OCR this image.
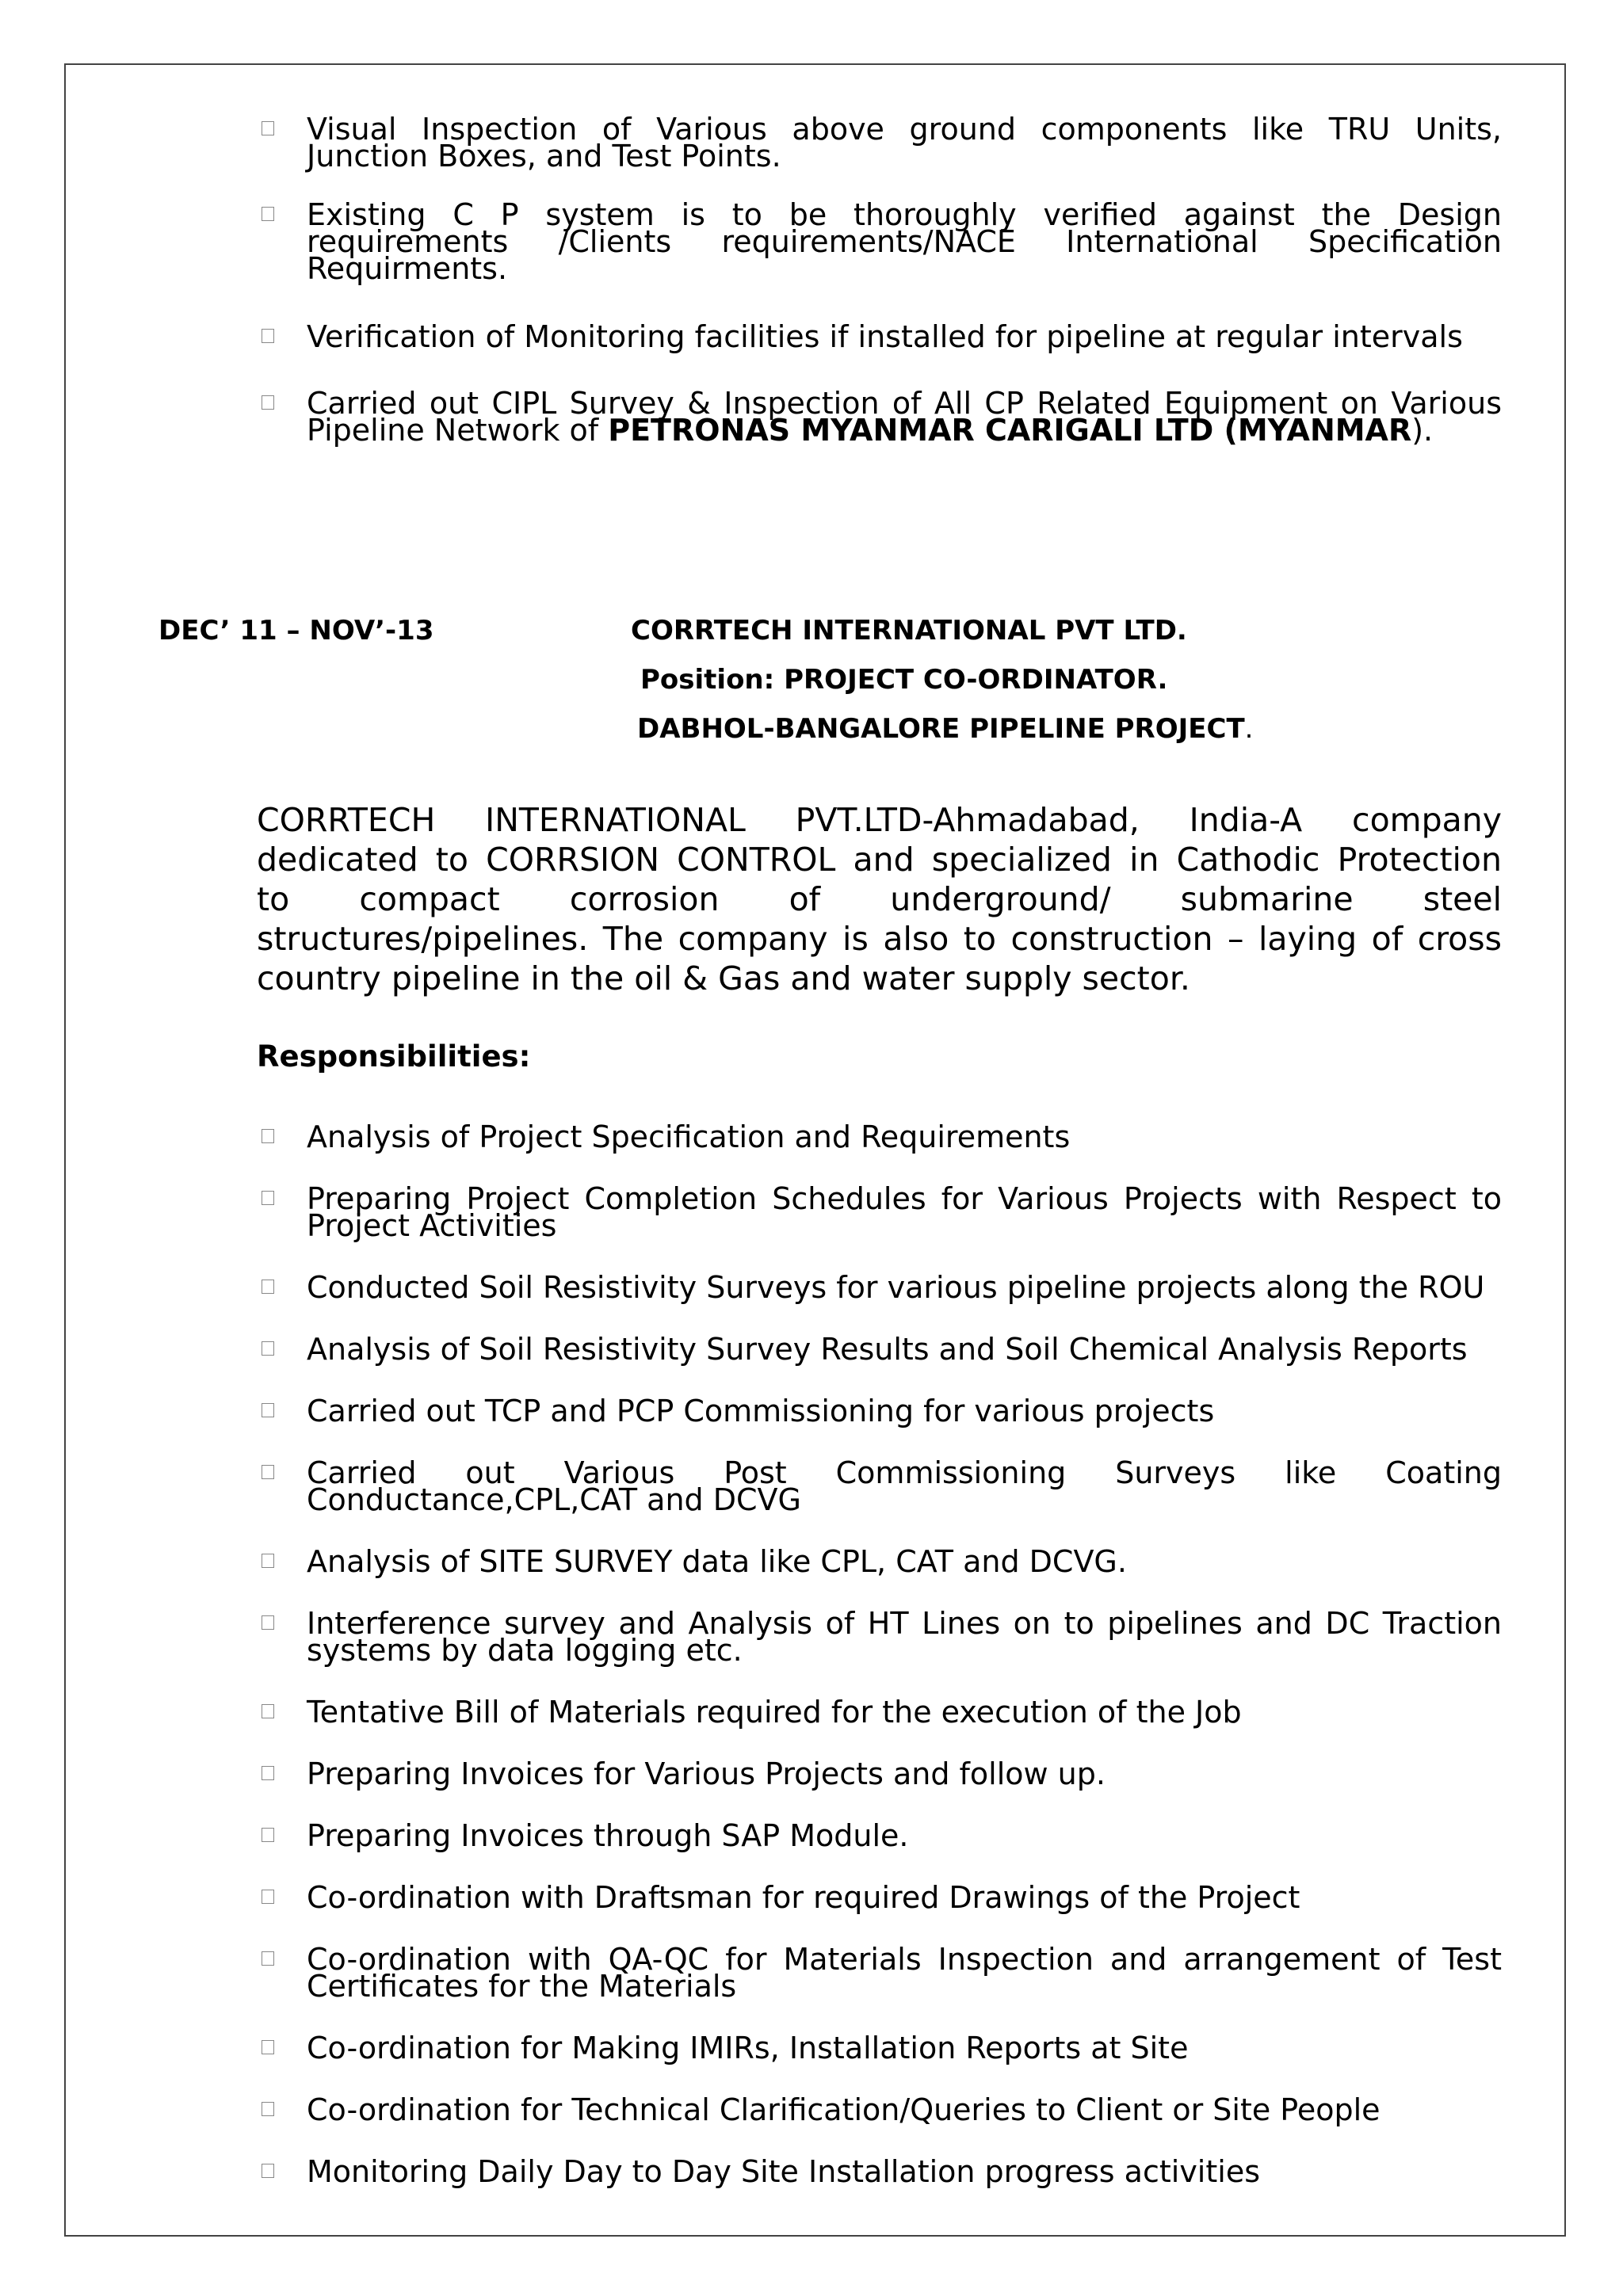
Visual Inspection of Various above ground components like TRU Units,
Junction Boxes, and Test Points.
Existing C P system is to be thoroughly verified against the Design
requirements /Clients requirements/NACE International Specification
Requirments.
Verification of Monitoring facilities if installed for pipeline at regular intervals
Carried out CIPL Survey & Inspection of All CP Related Equipment on Various
Pipeline Network of PETRONAS MYANMAR CARIGALI LTD (MYANMAR).
DEC’ 11 – NOV’-13	CORRTECH INTERNATIONAL PVT LTD.
Position: PROJECT CO-ORDINATOR.
DABHOL-BANGALORE PIPELINE PROJECT.
CORRTECH INTERNATIONAL PVT.LTD-Ahmadabad, India-A company
dedicated to CORRSION CONTROL and specialized in Cathodic Protection
to compact corrosion of underground/ submarine steel
structures/pipelines. The company is also to construction – laying of cross
country pipeline in the oil & Gas and water supply sector.
Responsibilities:
Analysis of Project Specification and Requirements
Preparing Project Completion Schedules for Various Projects with Respect to
Project Activities
Conducted Soil Resistivity Surveys for various pipeline projects along the ROU
Analysis of Soil Resistivity Survey Results and Soil Chemical Analysis Reports
Carried out TCP and PCP Commissioning for various projects
Carried out Various Post Commissioning Surveys like Coating
Conductance,CPL,CAT and DCVG
Analysis of SITE SURVEY data like CPL, CAT and DCVG.
Interference survey and Analysis of HT Lines on to pipelines and DC Traction
systems by data logging etc.
Tentative Bill of Materials required for the execution of the Job
Preparing Invoices for Various Projects and follow up.
Preparing Invoices through SAP Module.
Co-ordination with Draftsman for required Drawings of the Project
Co-ordination with QA-QC for Materials Inspection and arrangement of Test
Certificates for the Materials
Co-ordination for Making IMIRs, Installation Reports at Site
Co-ordination for Technical Clarification/Queries to Client or Site People
Monitoring Daily Day to Day Site Installation progress activities
